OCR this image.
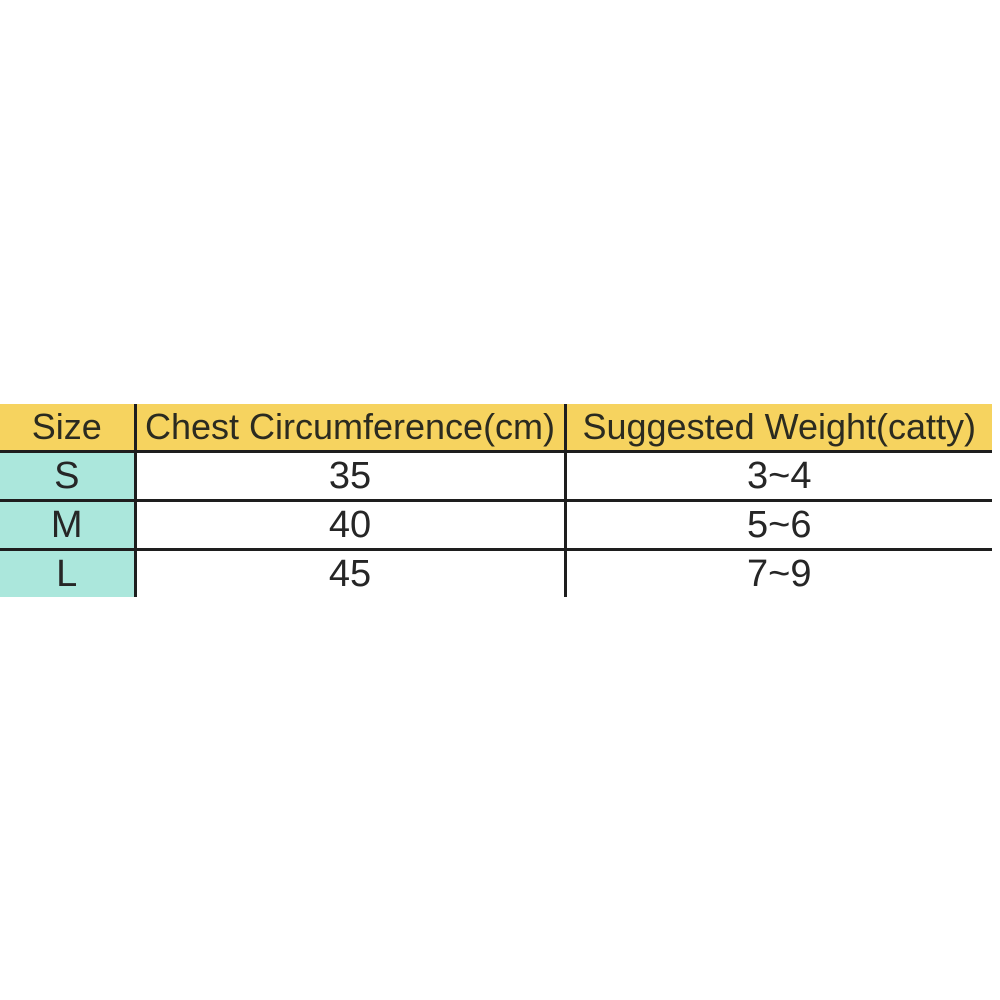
Size	Chest Circumference(cm)	Suggested Weight(catty)
S	35	3~4
M	40	5~6
L	45	7~9
